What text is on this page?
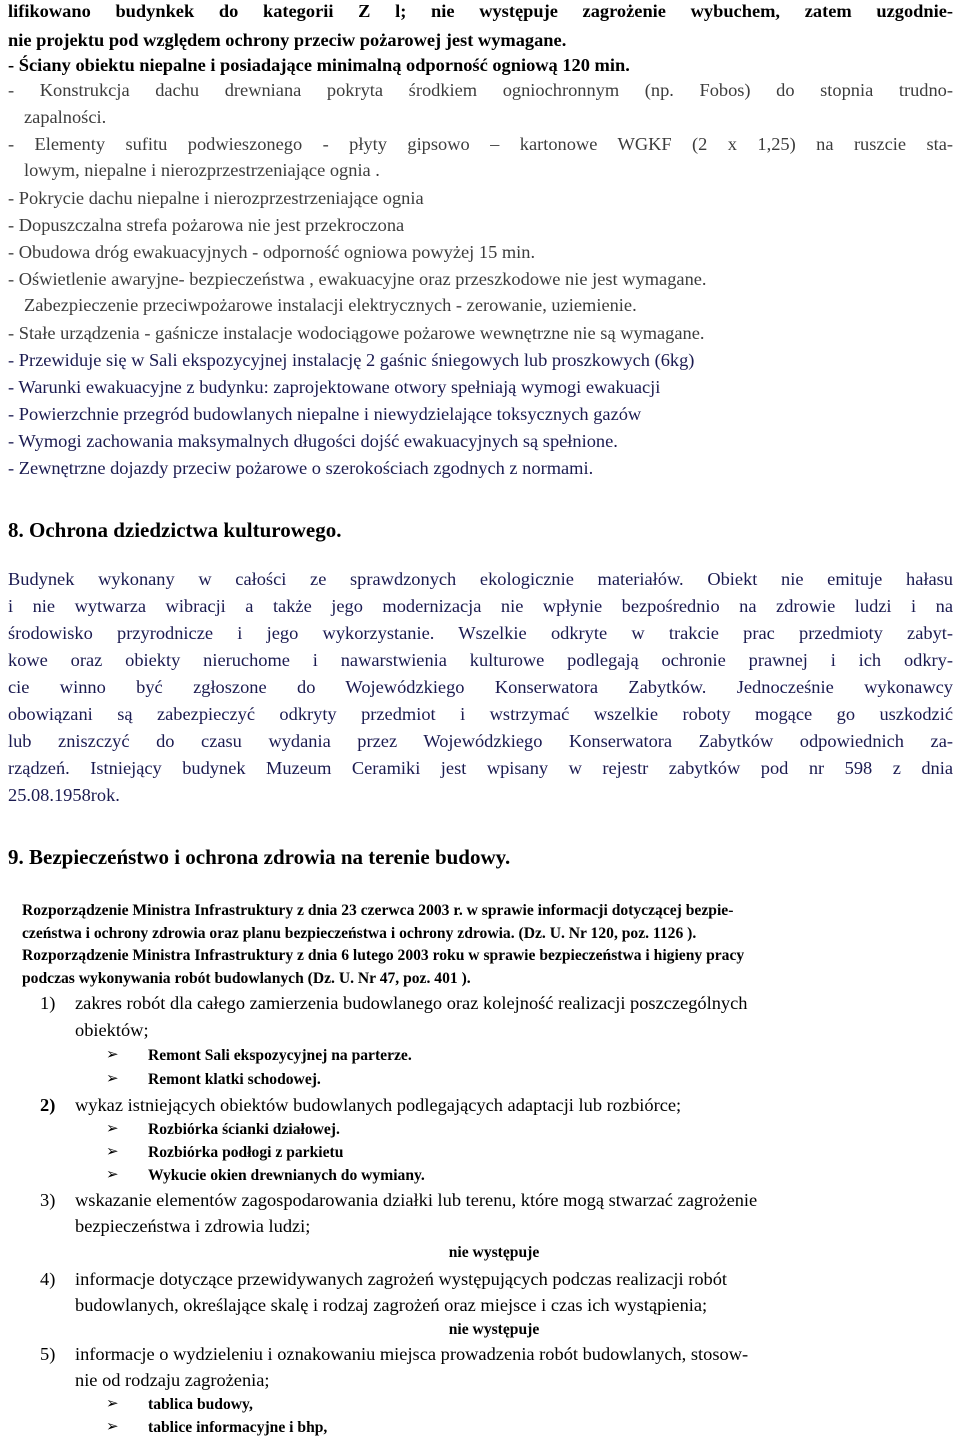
lifikowano budynkek do kategorii Z l; nie występuje zagrożenie wybuchem, zatem uzgodnie-
nie projektu pod względem ochrony przeciw pożarowej jest wymagane.
- Ściany obiektu niepalne i posiadające minimalną odporność ogniową 120 min.
- Konstrukcja dachu drewniana pokryta środkiem ogniochronnym (np. Fobos) do stopnia trudno-
zapalności.
- Elementy sufitu podwieszonego - płyty gipsowo – kartonowe WGKF (2 x 1,25) na ruszcie sta-
lowym, niepalne i nierozprzestrzeniające ognia .
- Pokrycie dachu niepalne i nierozprzestrzeniające ognia
- Dopuszczalna strefa pożarowa nie jest przekroczona
- Obudowa dróg ewakuacyjnych - odporność ogniowa powyżej 15 min.
- Oświetlenie awaryjne- bezpieczeństwa , ewakuacyjne oraz przeszkodowe nie jest wymagane.
Zabezpieczenie przeciwpożarowe instalacji elektrycznych - zerowanie, uziemienie.
- Stałe urządzenia - gaśnicze instalacje wodociągowe pożarowe wewnętrzne nie są wymagane.
- Przewiduje się w Sali ekspozycyjnej instalację 2 gaśnic śniegowych lub proszkowych (6kg)
- Warunki ewakuacyjne z budynku: zaprojektowane otwory spełniają wymogi ewakuacji
- Powierzchnie przegród budowlanych niepalne i niewydzielające toksycznych gazów
- Wymogi zachowania maksymalnych długości dojść ewakuacyjnych są spełnione.
- Zewnętrzne dojazdy przeciw pożarowe o szerokościach zgodnych z normami.
8. Ochrona dziedzictwa kulturowego.
Budynek wykonany w całości ze sprawdzonych ekologicznie materiałów. Obiekt nie emituje hałasu
i nie wytwarza wibracji a także jego modernizacja nie wpłynie bezpośrednio na zdrowie ludzi i na
środowisko przyrodnicze i jego wykorzystanie. Wszelkie odkryte w trakcie prac przedmioty zabyt-
kowe oraz obiekty nieruchome i nawarstwienia kulturowe podlegają ochronie prawnej i ich odkry-
cie winno być zgłoszone do Wojewódzkiego Konserwatora Zabytków. Jednocześnie wykonawcy
obowiązani są zabezpieczyć odkryty przedmiot i wstrzymać wszelkie roboty mogące go uszkodzić
lub zniszczyć do czasu wydania przez Wojewódzkiego Konserwatora Zabytków odpowiednich za-
rządzeń. Istniejący budynek Muzeum Ceramiki jest wpisany w rejestr zabytków pod nr 598 z dnia
25.08.1958rok.
9. Bezpieczeństwo i ochrona zdrowia na terenie budowy.
Rozporządzenie Ministra Infrastruktury z dnia 23 czerwca 2003 r. w sprawie informacji dotyczącej bezpie-
czeństwa i ochrony zdrowia oraz planu bezpieczeństwa i ochrony zdrowia. (Dz. U. Nr 120, poz. 1126 ).
Rozporządzenie Ministra Infrastruktury z dnia 6 lutego 2003 roku w sprawie bezpieczeństwa i higieny pracy
podczas wykonywania robót budowlanych (Dz. U. Nr 47, poz. 401 ).
1) zakres robót dla całego zamierzenia budowlanego oraz kolejność realizacji poszczególnych
obiektów;
➢ Remont Sali ekspozycyjnej na parterze.
➢ Remont klatki schodowej.
2) wykaz istniejących obiektów budowlanych podlegających adaptacji lub rozbiórce;
➢ Rozbiórka ścianki działowej.
➢ Rozbiórka podłogi z parkietu
➢ Wykucie okien drewnianych do wymiany.
3) wskazanie elementów zagospodarowania działki lub terenu, które mogą stwarzać zagrożenie
bezpieczeństwa i zdrowia ludzi;
nie występuje
4) informacje dotyczące przewidywanych zagrożeń występujących podczas realizacji robót
budowlanych, określające skalę i rodzaj zagrożeń oraz miejsce i czas ich wystąpienia;
nie występuje
5) informacje o wydzieleniu i oznakowaniu miejsca prowadzenia robót budowlanych, stosow-
nie od rodzaju zagrożenia;
➢ tablica budowy,
➢ tablice informacyjne i bhp,
